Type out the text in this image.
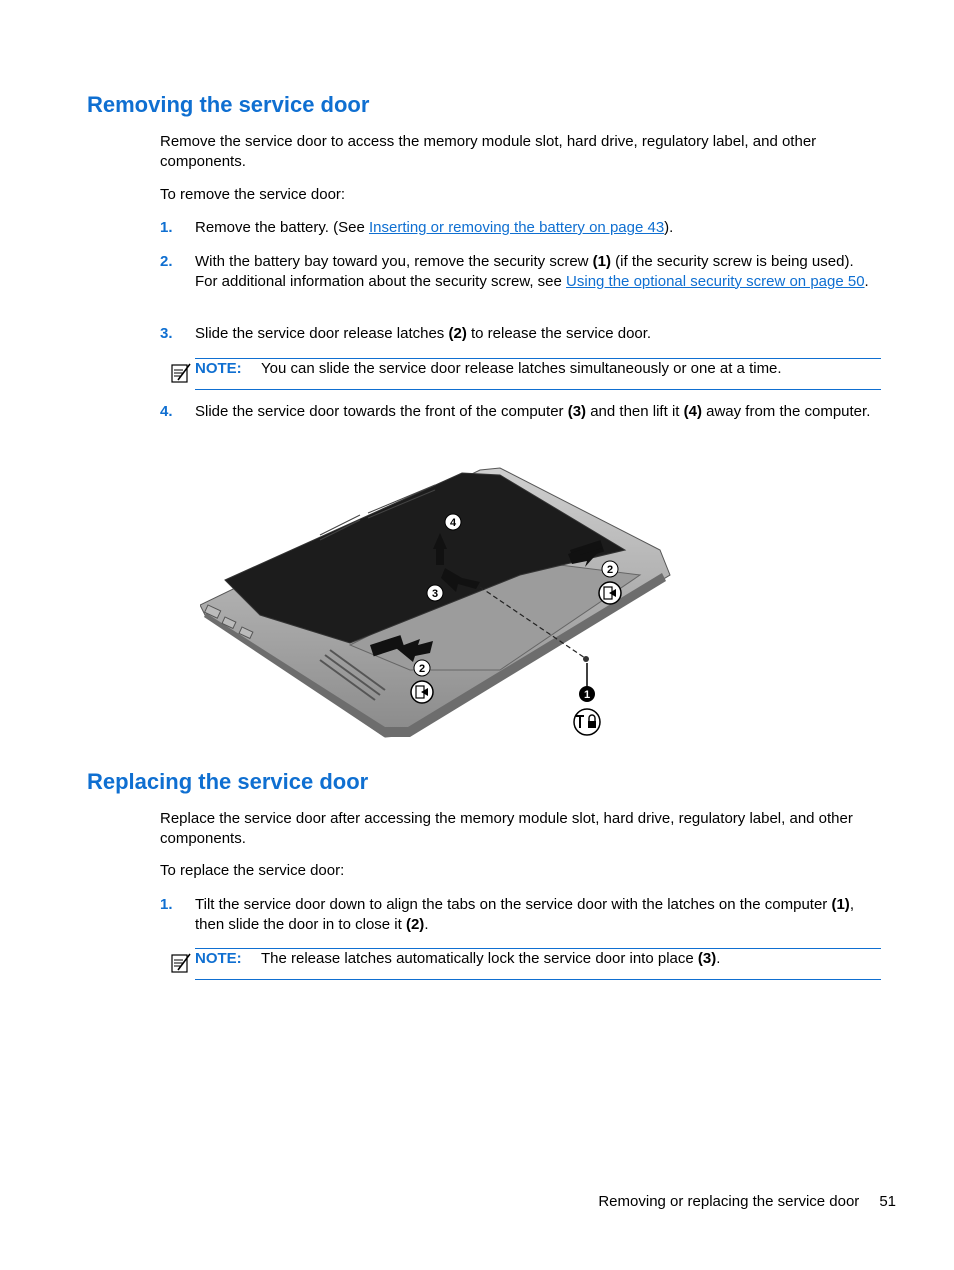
Removing the service door

Remove the service door to access the memory module slot, hard drive, regulatory label, and other components.

To remove the service door:

1. Remove the battery. (See Inserting or removing the battery on page 43).
2. With the battery bay toward you, remove the security screw (1) (if the security screw is being used). For additional information about the security screw, see Using the optional security screw on page 50.
3. Slide the service door release latches (2) to release the service door.
NOTE: You can slide the service door release latches simultaneously or one at a time.
4. Slide the service door towards the front of the computer (3) and then lift it (4) away from the computer.
1
2
2
3
4
Replacing the service door

Replace the service door after accessing the memory module slot, hard drive, regulatory label, and other components.

To replace the service door:

1. Tilt the service door down to align the tabs on the service door with the latches on the computer (1), then slide the door in to close it (2).
NOTE: The release latches automatically lock the service door into place (3).
Removing or replacing the service door 51
